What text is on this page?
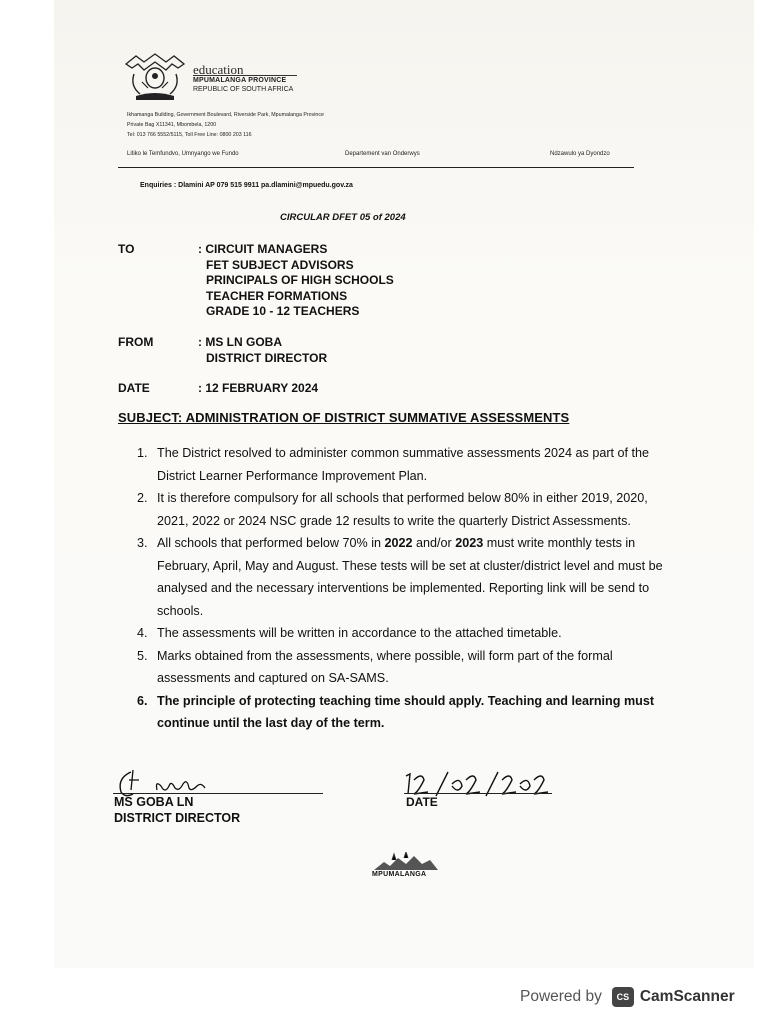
education
MPUMALANGA PROVINCE
REPUBLIC OF SOUTH AFRICA
Ikhamanga Building, Government Boulevard, Riverside Park, Mpumalanga Province
Private Bag X11341, Mbombela, 1200
Tel: 013 766 5552/5115, Toll Free Line: 0800 203 116
Litiko le Temfundvo, Umnyango we Fundo	Departement van Onderwys	Ndzawulo ya Dyondzo
Enquiries : Dlamini AP 079 515 9911 pa.dlamini@mpuedu.gov.za
CIRCULAR DFET 05 of 2024
TO	: CIRCUIT MANAGERS
FET SUBJECT ADVISORS
PRINCIPALS OF HIGH SCHOOLS
TEACHER FORMATIONS
GRADE 10 - 12 TEACHERS
FROM	: MS LN GOBA
DISTRICT DIRECTOR
DATE	: 12 FEBRUARY 2024
SUBJECT: ADMINISTRATION OF DISTRICT SUMMATIVE ASSESSMENTS
1. The District resolved to administer common summative assessments 2024 as part of the District Learner Performance Improvement Plan.
2. It is therefore compulsory for all schools that performed below 80% in either 2019, 2020, 2021, 2022 or 2024 NSC grade 12 results to write the quarterly District Assessments.
3. All schools that performed below 70% in 2022 and/or 2023 must write monthly tests in February, April, May and August. These tests will be set at cluster/district level and must be analysed and the necessary interventions be implemented. Reporting link will be send to schools.
4. The assessments will be written in accordance to the attached timetable.
5. Marks obtained from the assessments, where possible, will form part of the formal assessments and captured on SA-SAMS.
6. The principle of protecting teaching time should apply. Teaching and learning must continue until the last day of the term.
MS GOBA LN
DISTRICT DIRECTOR
DATE
MPUMALANGA
Powered by	CS CamScanner
